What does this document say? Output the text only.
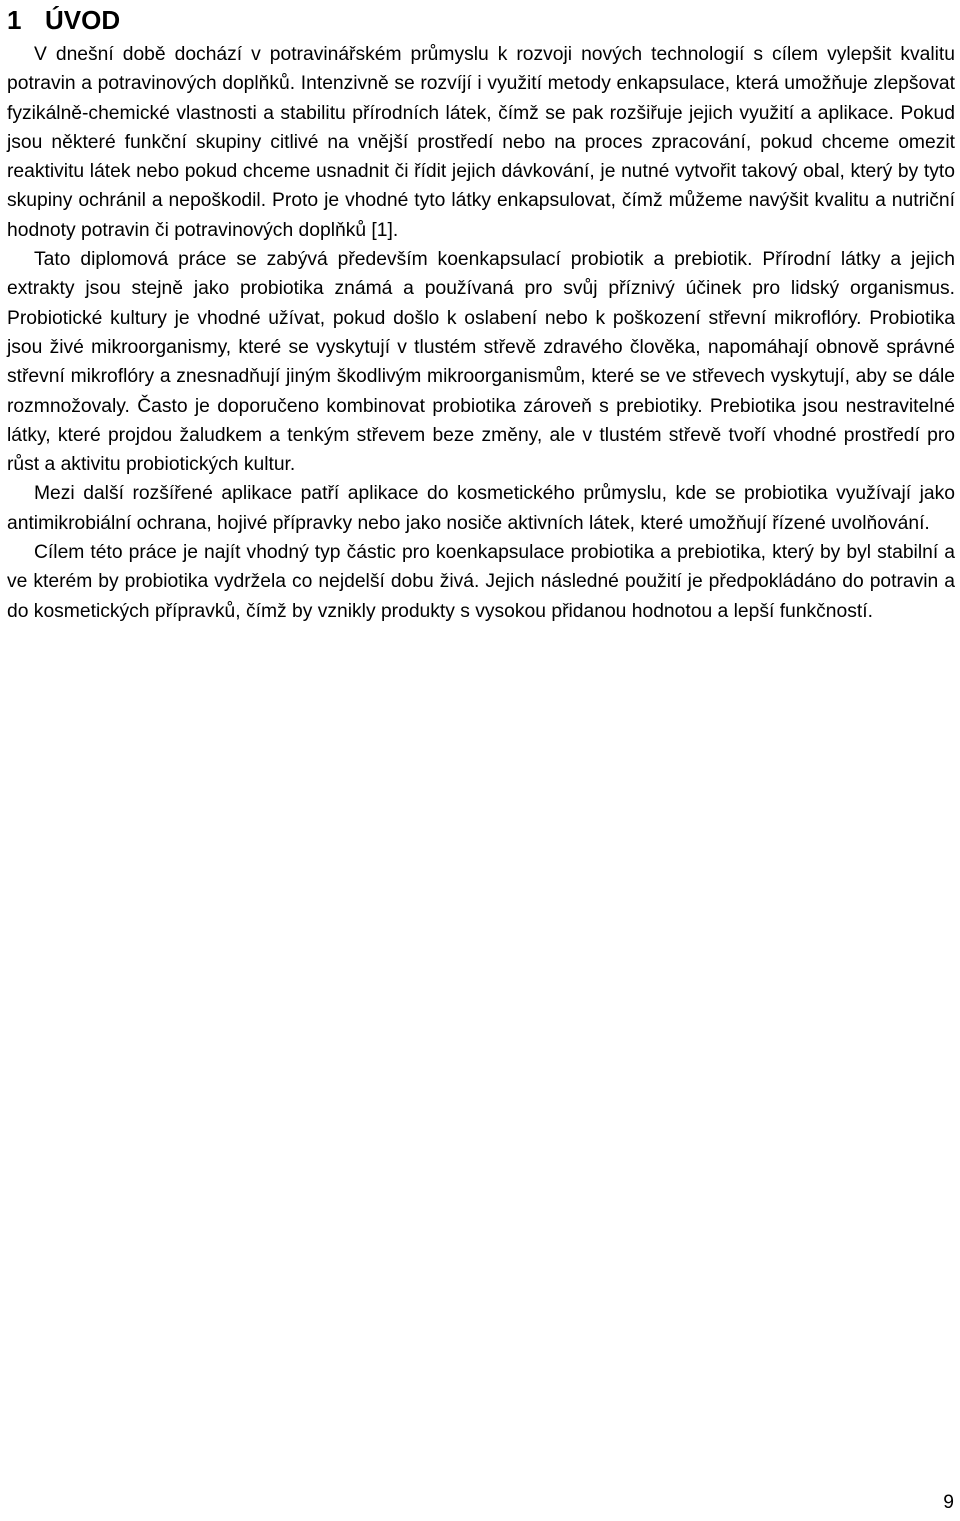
1 ÚVOD

V dnešní době dochází v potravinářském průmyslu k rozvoji nových technologií s cílem vylepšit kvalitu potravin a potravinových doplňků. Intenzivně se rozvíjí i využití metody enkapsulace, která umožňuje zlepšovat fyzikálně-chemické vlastnosti a stabilitu přírodních látek, čímž se pak rozšiřuje jejich využití a aplikace. Pokud jsou některé funkční skupiny citlivé na vnější prostředí nebo na proces zpracování, pokud chceme omezit reaktivitu látek nebo pokud chceme usnadnit či řídit jejich dávkování, je nutné vytvořit takový obal, který by tyto skupiny ochránil a nepoškodil. Proto je vhodné tyto látky enkapsulovat, čímž můžeme navýšit kvalitu a nutriční hodnoty potravin či potravinových doplňků [1].

Tato diplomová práce se zabývá především koenkapsulací probiotik a prebiotik. Přírodní látky a jejich extrakty jsou stejně jako probiotika známá a používaná pro svůj příznivý účinek pro lidský organismus. Probiotické kultury je vhodné užívat, pokud došlo k oslabení nebo k poškození střevní mikroflóry. Probiotika jsou živé mikroorganismy, které se vyskytují v tlustém střevě zdravého člověka, napomáhají obnově správné střevní mikroflóry a znesnadňují jiným škodlivým mikroorganismům, které se ve střevech vyskytují, aby se dále rozmnožovaly. Často je doporučeno kombinovat probiotika zároveň s prebiotiky. Prebiotika jsou nestravitelné látky, které projdou žaludkem a tenkým střevem beze změny, ale v tlustém střevě tvoří vhodné prostředí pro růst a aktivitu probiotických kultur.

Mezi další rozšířené aplikace patří aplikace do kosmetického průmyslu, kde se probiotika využívají jako antimikrobiální ochrana, hojivé přípravky nebo jako nosiče aktivních látek, které umožňují řízené uvolňování.

Cílem této práce je najít vhodný typ částic pro koenkapsulace probiotika a prebiotika, který by byl stabilní a ve kterém by probiotika vydržela co nejdelší dobu živá. Jejich následné použití je předpokládáno do potravin a do kosmetických přípravků, čímž by vznikly produkty s vysokou přidanou hodnotou a lepší funkčností.

9
